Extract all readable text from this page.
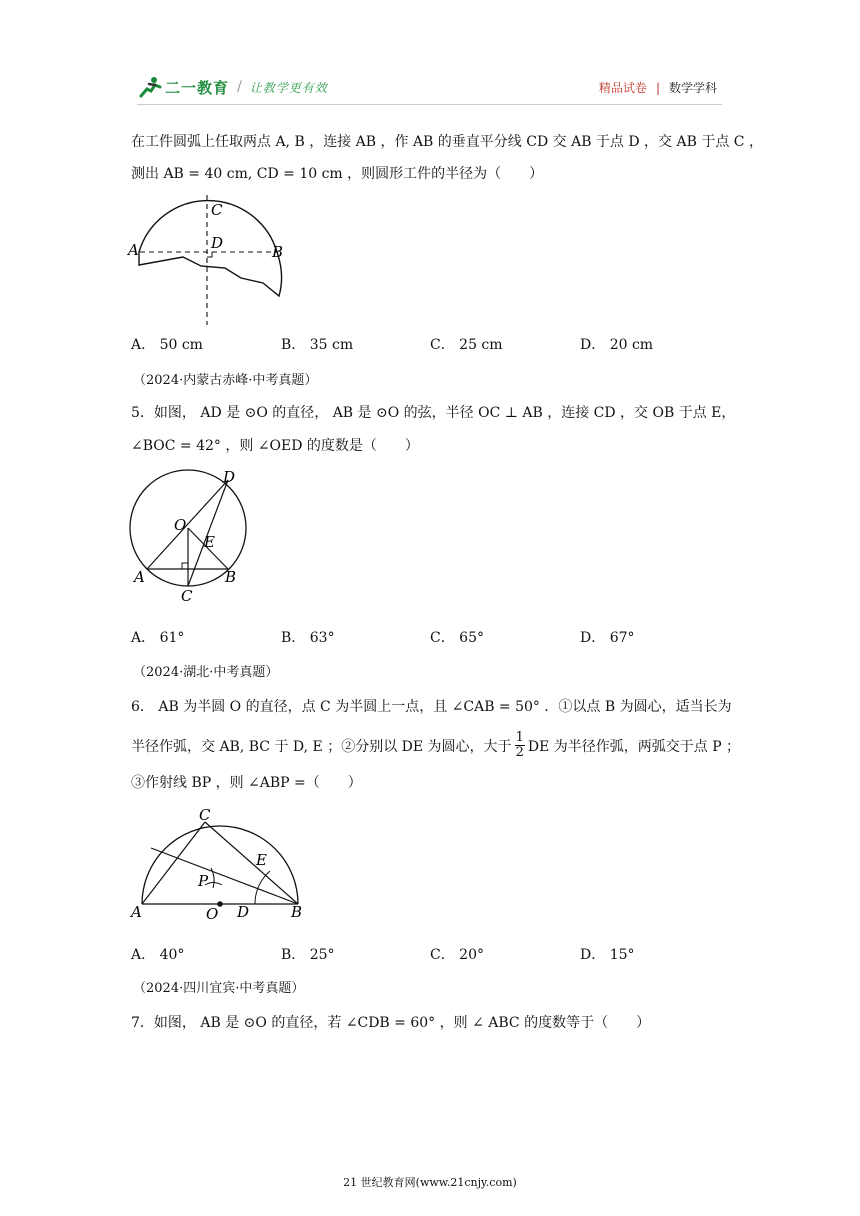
二一教育 / 让教学更有效	精品试卷 | 数学学科
在工件圆弧上任取两点 A, B ，连接 AB ，作 AB 的垂直平分线 CD 交 AB 于点 D ，交 AB 于点 C ，
测出 AB = 40 cm, CD = 10 cm ，则圆形工件的半径为（　　）
C
A	D	B
A． 50 cm	B． 35 cm	C． 25 cm	D． 20 cm
（2024·内蒙古赤峰·中考真题）
5．如图， AD 是 ⊙O 的直径， AB 是 ⊙O 的弦，半径 OC ⊥ AB ，连接 CD ，交 OB 于点 E，
∠BOC = 42° ，则 ∠OED 的度数是（　　）
D
O
E
A	B
C
A． 61°	B． 63°	C． 65°	D． 67°
（2024·湖北·中考真题）
6． AB 为半圆 O 的直径，点 C 为半圆上一点，且 ∠CAB = 50° ．①以点 B 为圆心，适当长为
半径作弧，交 AB, BC 于 D, E ；②分别以 DE 为圆心，大于 $\frac{1}{2}$ DE 为半径作弧，两弧交于点 P ；
③作射线 BP ，则 ∠ABP =（　　）
C
E
P
A	O D	B
A． 40°	B． 25°	C． 20°	D． 15°
（2024·四川宜宾·中考真题）
7．如图， AB 是 ⊙O 的直径，若 ∠CDB = 60° ，则 ∠ ABC 的度数等于（　　）
21 世纪教育网(www.21cnjy.com)
